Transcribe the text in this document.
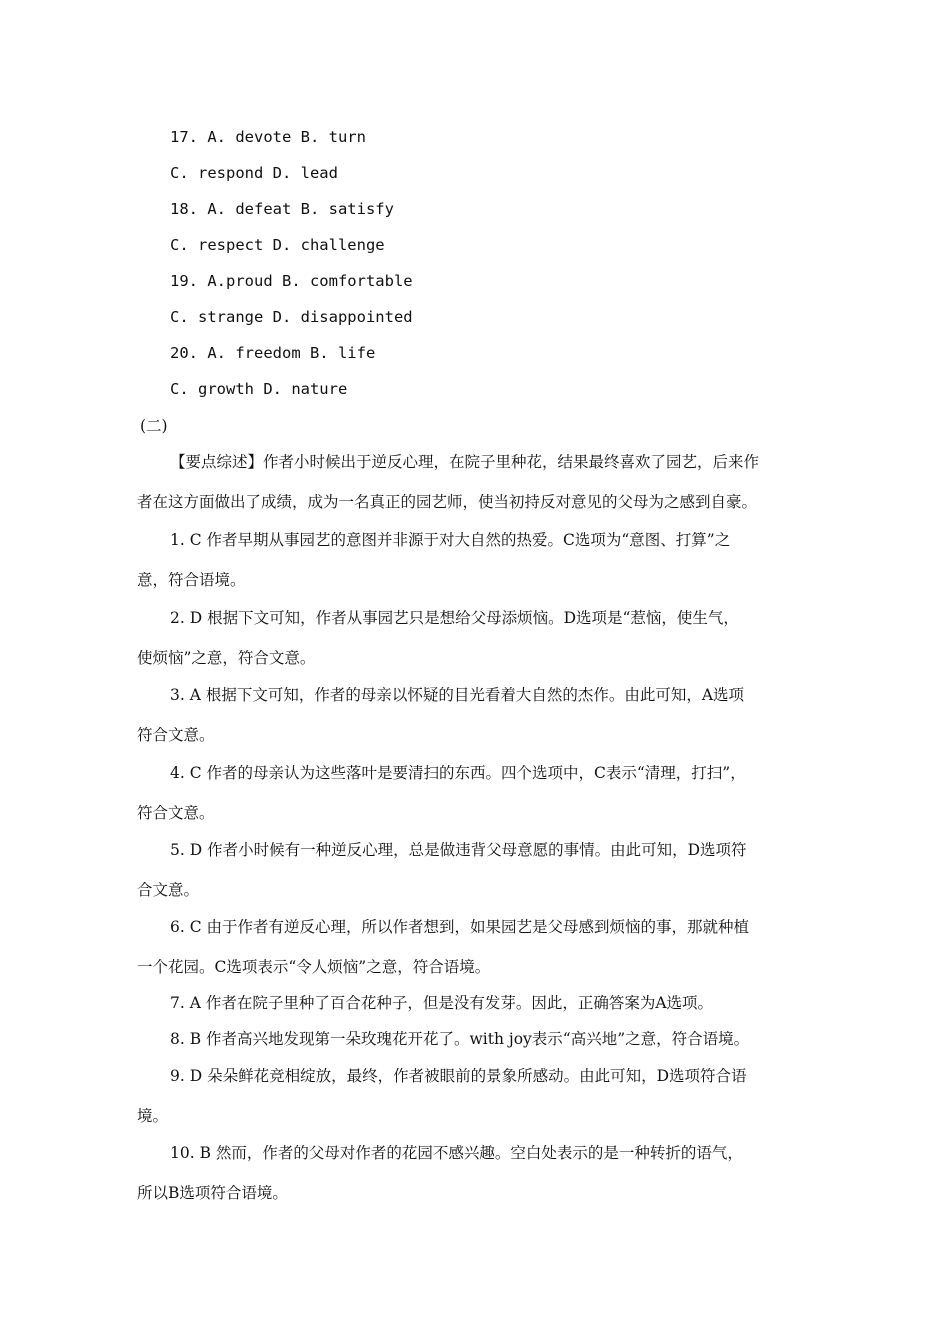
17. A. devote B. turn
C. respond D. lead
18. A. defeat B. satisfy
C. respect D. challenge
19. A.proud B. comfortable
C. strange D. disappointed
20. A. freedom B. life
C. growth D. nature
(二)
【要点综述】作者小时候出于逆反心理，在院子里种花，结果最终喜欢了园艺，后来作
者在这方面做出了成绩，成为一名真正的园艺师，使当初持反对意见的父母为之感到自豪。
1. C 作者早期从事园艺的意图并非源于对大自然的热爱。C选项为“意图、打算”之
意，符合语境。
2. D 根据下文可知，作者从事园艺只是想给父母添烦恼。D选项是“惹恼，使生气，
使烦恼”之意，符合文意。
3. A 根据下文可知，作者的母亲以怀疑的目光看着大自然的杰作。由此可知，A选项
符合文意。
4. C 作者的母亲认为这些落叶是要清扫的东西。四个选项中，C表示“清理，打扫”，
符合文意。
5. D 作者小时候有一种逆反心理，总是做违背父母意愿的事情。由此可知，D选项符
合文意。
6. C 由于作者有逆反心理，所以作者想到，如果园艺是父母感到烦恼的事，那就种植
一个花园。C选项表示“令人烦恼”之意，符合语境。
7. A 作者在院子里种了百合花种子，但是没有发芽。因此，正确答案为A选项。
8. B 作者高兴地发现第一朵玫瑰花开花了。with joy表示“高兴地”之意，符合语境。
9. D 朵朵鲜花竞相绽放，最终，作者被眼前的景象所感动。由此可知，D选项符合语
境。
10. B 然而，作者的父母对作者的花园不感兴趣。空白处表示的是一种转折的语气，
所以B选项符合语境。
